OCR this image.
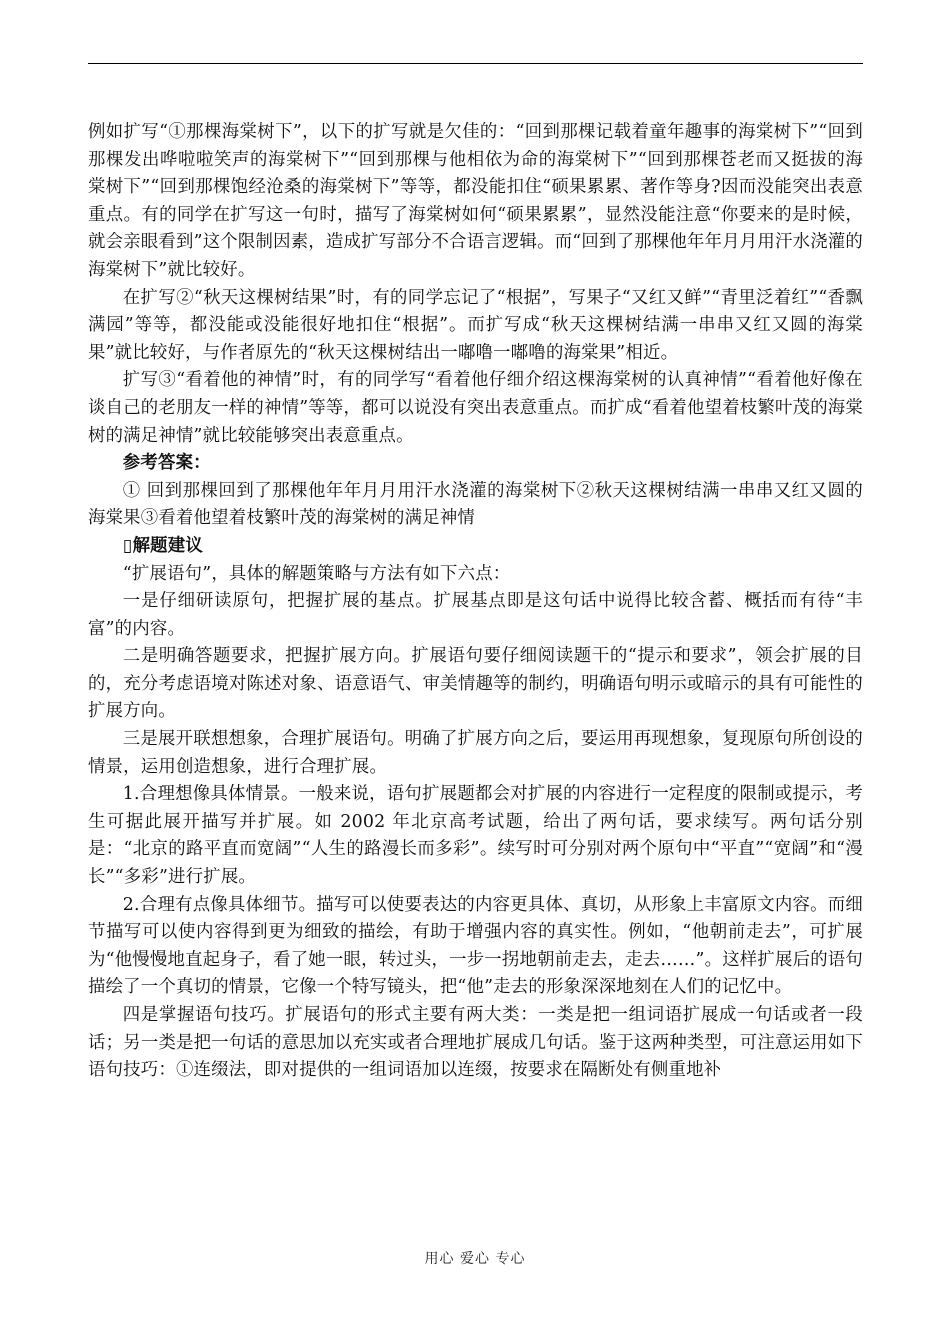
例如扩写“①那棵海棠树下”，以下的扩写就是欠佳的：“回到那棵记载着童年趣事的海棠树下”“回到那棵发出哗啦啦笑声的海棠树下”“回到那棵与他相依为命的海棠树下”“回到那棵苍老而又挺拔的海棠树下”“回到那棵饱经沧桑的海棠树下”等等，都没能扣住“硕果累累、著作等身?因而没能突出表意重点。有的同学在扩写这一句时，描写了海棠树如何“硕果累累”，显然没能注意“你要来的是时候，就会亲眼看到”这个限制因素，造成扩写部分不合语言逻辑。而“回到了那棵他年年月月用汗水浇灌的海棠树下”就比较好。

在扩写②“秋天这棵树结果”时，有的同学忘记了“根据”，写果子“又红又鲜”“青里泛着红”“香飘满园”等等，都没能或没能很好地扣住“根据”。而扩写成“秋天这棵树结满一串串又红又圆的海棠果”就比较好，与作者原先的“秋天这棵树结出一嘟噜一嘟噜的海棠果”相近。

扩写③“看着他的神情”时，有的同学写“看着他仔细介绍这棵海棠树的认真神情”“看着他好像在谈自己的老朋友一样的神情”等等，都可以说没有突出表意重点。而扩成“看着他望着枝繁叶茂的海棠树的满足神情”就比较能够突出表意重点。

参考答案：

① 回到那棵回到了那棵他年年月月用汗水浇灌的海棠树下②秋天这棵树结满一串串又红又圆的海棠果③看着他望着枝繁叶茂的海棠树的满足神情

▯解题建议

“扩展语句”，具体的解题策略与方法有如下六点：

一是仔细研读原句，把握扩展的基点。扩展基点即是这句话中说得比较含蓄、概括而有待“丰富”的内容。

二是明确答题要求，把握扩展方向。扩展语句要仔细阅读题干的“提示和要求”，领会扩展的目的，充分考虑语境对陈述对象、语意语气、审美情趣等的制约，明确语句明示或暗示的具有可能性的扩展方向。

三是展开联想想象，合理扩展语句。明确了扩展方向之后，要运用再现想象，复现原句所创设的情景，运用创造想象，进行合理扩展。

1.合理想像具体情景。一般来说，语句扩展题都会对扩展的内容进行一定程度的限制或提示，考生可据此展开描写并扩展。如 2002 年北京高考试题，给出了两句话，要求续写。两句话分别是：“北京的路平直而宽阔”“人生的路漫长而多彩”。续写时可分别对两个原句中“平直”“宽阔”和“漫长”“多彩”进行扩展。

2.合理有点像具体细节。描写可以使要表达的内容更具体、真切，从形象上丰富原文内容。而细节描写可以使内容得到更为细致的描绘，有助于增强内容的真实性。例如，“他朝前走去”，可扩展为“他慢慢地直起身子，看了她一眼，转过头，一步一拐地朝前走去，走去……”。这样扩展后的语句描绘了一个真切的情景，它像一个特写镜头，把“他”走去的形象深深地刻在人们的记忆中。

四是掌握语句技巧。扩展语句的形式主要有两大类：一类是把一组词语扩展成一句话或者一段话；另一类是把一句话的意思加以充实或者合理地扩展成几句话。鉴于这两种类型，可注意运用如下语句技巧：①连缀法，即对提供的一组词语加以连缀，按要求在隔断处有侧重地补

用心 爱心 专心
